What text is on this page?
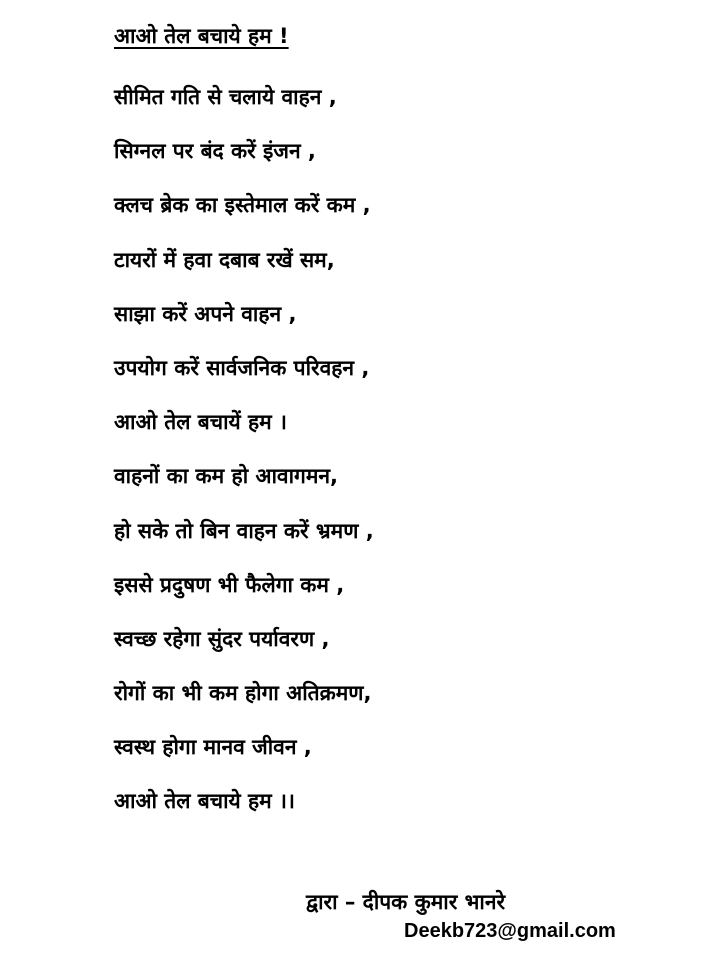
आओ तेल बचाये हम !
सीमित गति से चलाये वाहन ,
सिग्नल पर बंद करें इंजन ,
क्लच ब्रेक का इस्तेमाल करें कम ,
टायरों में हवा दबाब रखें सम,
साझा करें अपने वाहन ,
उपयोग करें सार्वजनिक परिवहन ,
आओ तेल बचायें हम ।
वाहनों का कम हो आवागमन,
हो सके तो बिन वाहन करें भ्रमण ,
इससे प्रदुषण भी फैलेगा कम ,
स्वच्छ रहेगा सुंदर पर्यावरण ,
रोगों का भी कम होगा अतिक्रमण,
स्वस्थ होगा मानव जीवन ,
आओ तेल बचाये हम ।।
द्वारा – दीपक कुमार भानरे
Deekb723@gmail.com
